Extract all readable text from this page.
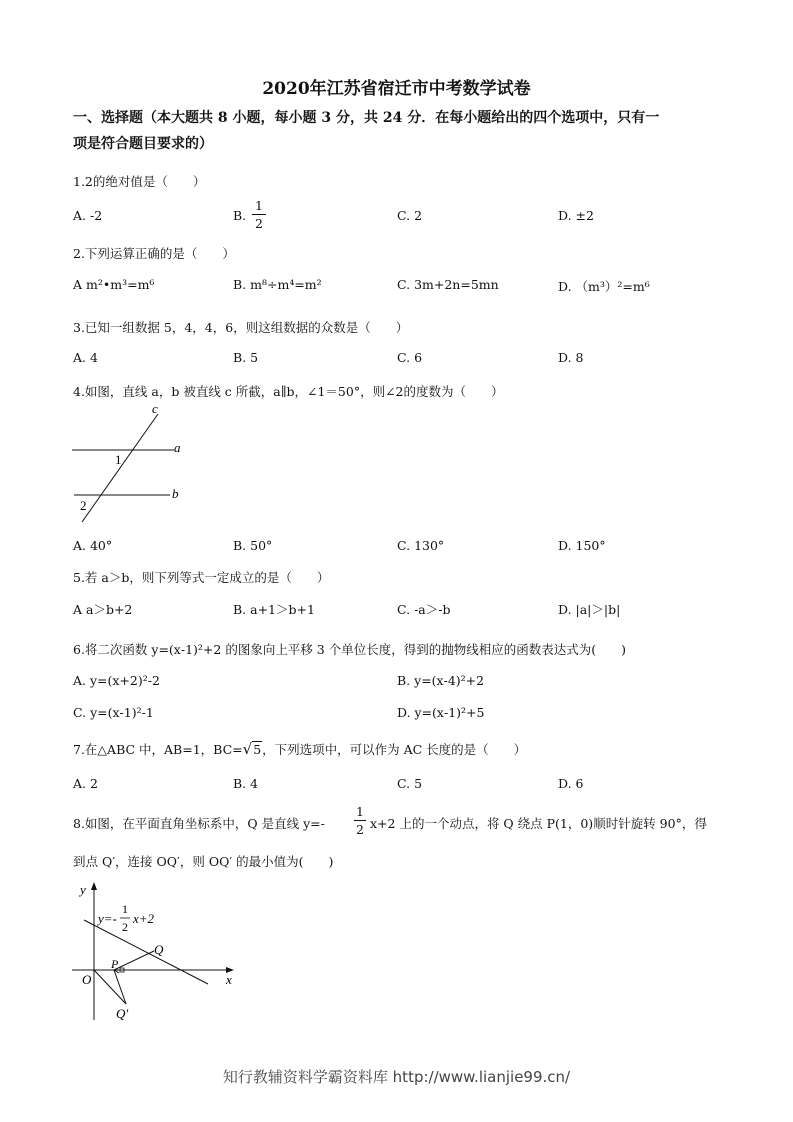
2020年江苏省宿迁市中考数学试卷
一、选择题（本大题共 8 小题，每小题 3 分，共 24 分．在每小题给出的四个选项中，只有一
项是符合题目要求的）
1.2的绝对值是（　　）
A. ‐2	B.
1
2
C. 2	D. ±2
2.下列运算正确的是（　　）
A m²•m³=m⁶	B. m⁸÷m⁴=m²	C. 3m+2n=5mn	D. （m³）²=m⁶
3.已知一组数据 5，4，4，6，则这组数据的众数是（　　）
A. 4	B. 5	C. 6	D. 8
4.如图，直线 a，b 被直线 c 所截，a∥b，∠1＝50°，则∠2的度数为（　　）
c
a
b
1
2
A. 40°	B. 50°	C. 130°	D. 150°
5.若 a＞b，则下列等式一定成立的是（　　）
A a＞b+2	B. a+1＞b+1	C. ‐a＞‐b	D. |a|＞|b|
6.将二次函数 y=(x‐1)²+2 的图象向上平移 3 个单位长度，得到的抛物线相应的函数表达式为(　　)
A. y=(x+2)²‐2	B. y=(x‐4)²+2
C. y=(x‐1)²‐1	D. y=(x‐1)²+5
7.在△ABC 中，AB=1，BC=√5，下列选项中，可以作为 AC 长度的是（　　）
A. 2	B. 4	C. 5	D. 6
8.如图，在平面直角坐标系中，Q 是直线 y=‐
1
2 x+2 上的一个动点，将 Q 绕点 P(1，0)顺时针旋转 90°，得
到点 Q′，连接 OQ′，则 OQ′ 的最小值为(　　)
y
x
O
P
Q
Q′
y=‐
1
2
x+2
知行教辅资料学霸资料库 http://www.lianjie99.cn/
